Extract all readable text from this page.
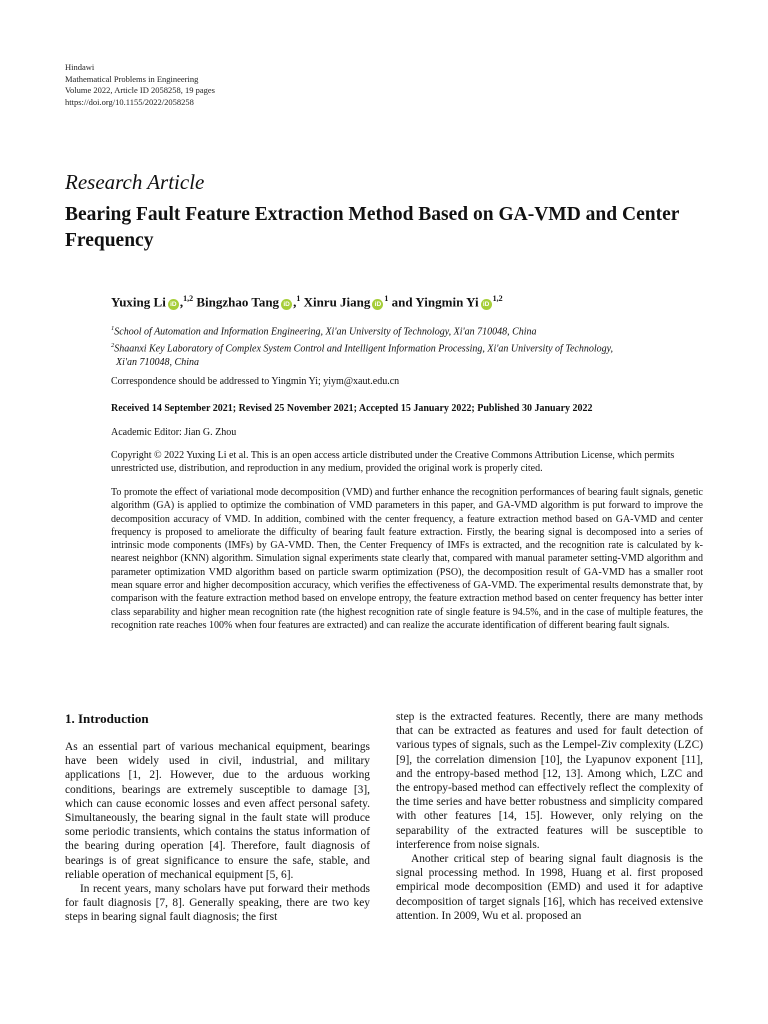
Hindawi
Mathematical Problems in Engineering
Volume 2022, Article ID 2058258, 19 pages
https://doi.org/10.1155/2022/2058258
Research Article
Bearing Fault Feature Extraction Method Based on GA-VMD and Center Frequency
Yuxing Li iD ,$^{1,2}$ Bingzhao Tang iD ,$^1$ Xinru Jiang $iD^1$ and Yingmin Yi iD$^{1,2}$
$^1$School of Automation and Information Engineering, Xi'an University of Technology, Xi'an 710048, China
$^2$Shaanxi Key Laboratory of Complex System Control and Intelligent Information Processing, Xi'an University of Technology,
Xi'an 710048, China
Correspondence should be addressed to Yingmin Yi; yiym@xaut.edu.cn
Received 14 September 2021; Revised 25 November 2021; Accepted 15 January 2022; Published 30 January 2022
Academic Editor: Jian G. Zhou
Copyright © 2022 Yuxing Li et al. This is an open access article distributed under the Creative Commons Attribution License, which permits unrestricted use, distribution, and reproduction in any medium, provided the original work is properly cited.

To promote the effect of variational mode decomposition (VMD) and further enhance the recognition performances of bearing fault signals, genetic algorithm (GA) is applied to optimize the combination of VMD parameters in this paper, and GA-VMD algorithm is put forward to improve the decomposition accuracy of VMD. In addition, combined with the center frequency, a feature extraction method based on GA-VMD and center frequency is proposed to ameliorate the difficulty of bearing fault feature extraction. Firstly, the bearing signal is decomposed into a series of intrinsic mode components (IMFs) by GA-VMD. Then, the Center Frequency of IMFs is extracted, and the recognition rate is calculated by k-nearest neighbor (KNN) algorithm. Simulation signal experiments state clearly that, compared with manual parameter setting-VMD algorithm and parameter optimization VMD algorithm based on particle swarm optimization (PSO), the decomposition result of GA-VMD has a smaller root mean square error and higher decomposition accuracy, which verifies the effectiveness of GA-VMD. The experimental results demonstrate that, by comparison with the feature extraction method based on envelope entropy, the feature extraction method based on center frequency has better inter class separability and higher mean recognition rate (the highest recognition rate of single feature is 94.5%, and in the case of multiple features, the recognition rate reaches 100% when four features are extracted) and can realize the accurate identification of different bearing fault signals.

1. Introduction

As an essential part of various mechanical equipment, bearings have been widely used in civil, industrial, and military applications [1, 2]. However, due to the arduous working conditions, bearings are extremely susceptible to damage [3], which can cause economic losses and even affect personal safety. Simultaneously, the bearing signal in the fault state will produce some periodic transients, which contains the status information of the bearing during operation [4]. Therefore, fault diagnosis of bearings is of great significance to ensure the safe, stable, and reliable operation of mechanical equipment [5, 6].

In recent years, many scholars have put forward their methods for fault diagnosis [7, 8]. Generally speaking, there are two key steps in bearing signal fault diagnosis; the first

step is the extracted features. Recently, there are many methods that can be extracted as features and used for fault detection of various types of signals, such as the Lempel-Ziv complexity (LZC) [9], the correlation dimension [10], the Lyapunov exponent [11], and the entropy-based method [12, 13]. Among which, LZC and the entropy-based method can effectively reflect the complexity of the time series and have better robustness and simplicity compared with other features [14, 15]. However, only relying on the separability of the extracted features will be susceptible to interference from noise signals.

Another critical step of bearing signal fault diagnosis is the signal processing method. In 1998, Huang et al. first proposed empirical mode decomposition (EMD) and used it for adaptive decomposition of target signals [16], which has received extensive attention. In 2009, Wu et al. proposed an
